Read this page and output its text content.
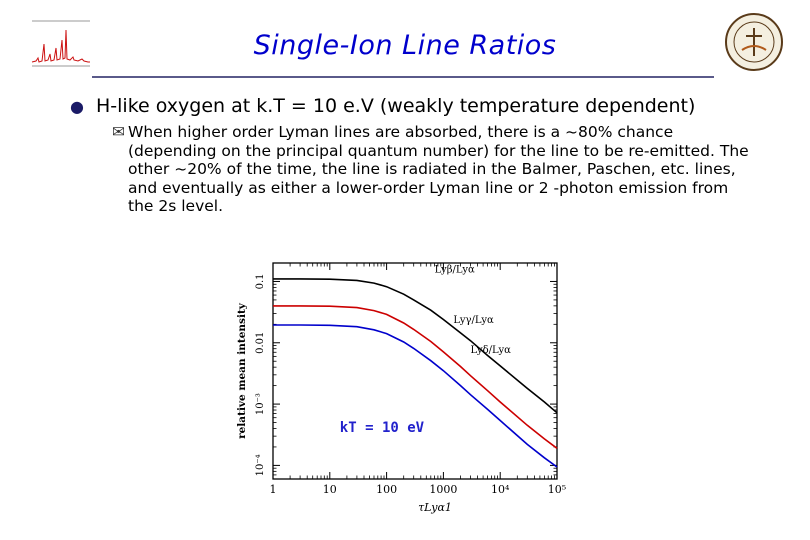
Single-Ion Line Ratios
● H-like oxygen at k.T = 10 e.V (weakly temperature dependent)
✉ When higher order Lyman lines are absorbed, there is a ~80% chance (depending on the principal quantum number) for the line to be re-emitted. The other ~20% of the time, the line is radiated in the Balmer, Paschen, etc. lines, and eventually as either a lower-order Lyman line or 2 -photon emission from the 2s level.
1	10	100	1000	10⁴	10⁵
10⁻⁴
10⁻³
0.01
0.1
τLyα1
relative mean intensity
Lyβ/Lyα
Lyγ/Lyα
Lyδ/Lyα
kT = 10 eV
